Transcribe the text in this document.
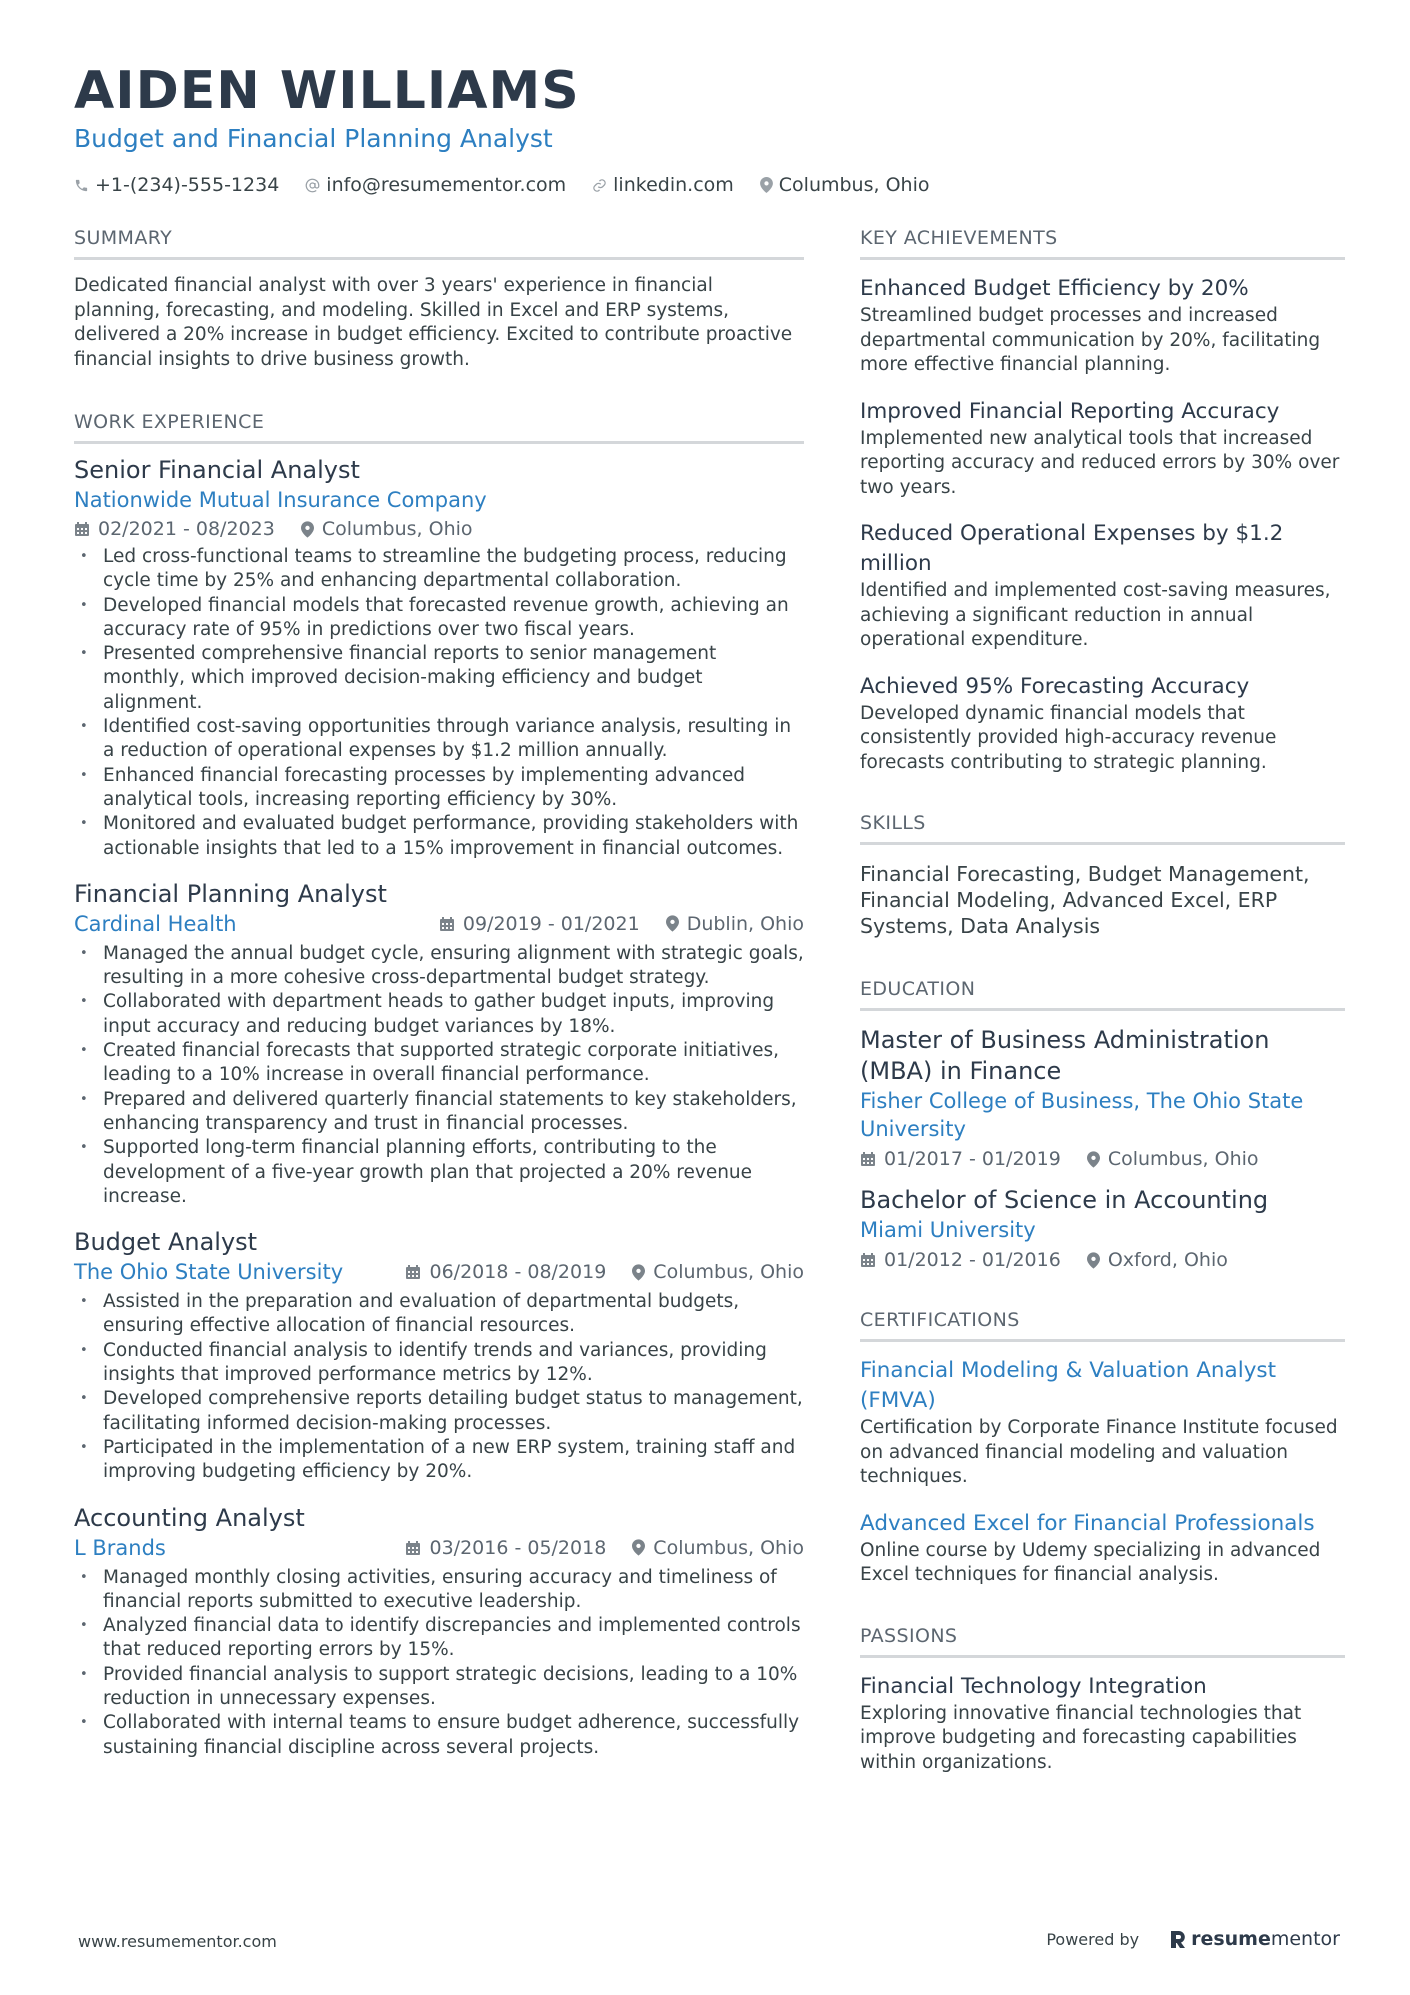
AIDEN WILLIAMS
Budget and Financial Planning Analyst
+1-(234)-555-1234 info@resumementor.com linkedin.com Columbus, Ohio
SUMMARY

Dedicated financial analyst with over 3 years' experience in financial planning, forecasting, and modeling. Skilled in Excel and ERP systems, delivered a 20% increase in budget efficiency. Excited to contribute proactive financial insights to drive business growth.

WORK EXPERIENCE
Senior Financial Analyst
Nationwide Mutual Insurance Company
02/2021 - 08/2023 Columbus, Ohio
• Led cross-functional teams to streamline the budgeting process, reducing cycle time by 25% and enhancing departmental collaboration.
• Developed financial models that forecasted revenue growth, achieving an accuracy rate of 95% in predictions over two fiscal years.
• Presented comprehensive financial reports to senior management monthly, which improved decision-making efficiency and budget alignment.
• Identified cost-saving opportunities through variance analysis, resulting in a reduction of operational expenses by $1.2 million annually.
• Enhanced financial forecasting processes by implementing advanced analytical tools, increasing reporting efficiency by 30%.
• Monitored and evaluated budget performance, providing stakeholders with actionable insights that led to a 15% improvement in financial outcomes.
Financial Planning Analyst
Cardinal Health	09/2019 - 01/2021 Dublin, Ohio
• Managed the annual budget cycle, ensuring alignment with strategic goals, resulting in a more cohesive cross-departmental budget strategy.
• Collaborated with department heads to gather budget inputs, improving input accuracy and reducing budget variances by 18%.
• Created financial forecasts that supported strategic corporate initiatives, leading to a 10% increase in overall financial performance.
• Prepared and delivered quarterly financial statements to key stakeholders, enhancing transparency and trust in financial processes.
• Supported long-term financial planning efforts, contributing to the development of a five-year growth plan that projected a 20% revenue increase.
Budget Analyst
The Ohio State University	06/2018 - 08/2019 Columbus, Ohio
• Assisted in the preparation and evaluation of departmental budgets, ensuring effective allocation of financial resources.
• Conducted financial analysis to identify trends and variances, providing insights that improved performance metrics by 12%.
• Developed comprehensive reports detailing budget status to management, facilitating informed decision-making processes.
• Participated in the implementation of a new ERP system, training staff and improving budgeting efficiency by 20%.
Accounting Analyst
L Brands	03/2016 - 05/2018 Columbus, Ohio
• Managed monthly closing activities, ensuring accuracy and timeliness of financial reports submitted to executive leadership.
• Analyzed financial data to identify discrepancies and implemented controls that reduced reporting errors by 15%.
• Provided financial analysis to support strategic decisions, leading to a 10% reduction in unnecessary expenses.
• Collaborated with internal teams to ensure budget adherence, successfully sustaining financial discipline across several projects.
KEY ACHIEVEMENTS
Enhanced Budget Efficiency by 20%

Streamlined budget processes and increased departmental communication by 20%, facilitating more effective financial planning.

Improved Financial Reporting Accuracy

Implemented new analytical tools that increased reporting accuracy and reduced errors by 30% over two years.

Reduced Operational Expenses by $1.2 million

Identified and implemented cost-saving measures, achieving a significant reduction in annual operational expenditure.

Achieved 95% Forecasting Accuracy

Developed dynamic financial models that consistently provided high-accuracy revenue forecasts contributing to strategic planning.

SKILLS
Financial Forecasting, Budget Management, Financial Modeling, Advanced Excel, ERP Systems, Data Analysis
EDUCATION
Master of Business Administration (MBA) in Finance
Fisher College of Business, The Ohio State University
01/2017 - 01/2019 Columbus, Ohio
Bachelor of Science in Accounting
Miami University
01/2012 - 01/2016 Oxford, Ohio
CERTIFICATIONS
Financial Modeling & Valuation Analyst (FMVA)

Certification by Corporate Finance Institute focused on advanced financial modeling and valuation techniques.

Advanced Excel for Financial Professionals

Online course by Udemy specializing in advanced Excel techniques for financial analysis.

PASSIONS
Financial Technology Integration

Exploring innovative financial technologies that improve budgeting and forecasting capabilities within organizations.

www.resumementor.com	Powered by	resume mentor
